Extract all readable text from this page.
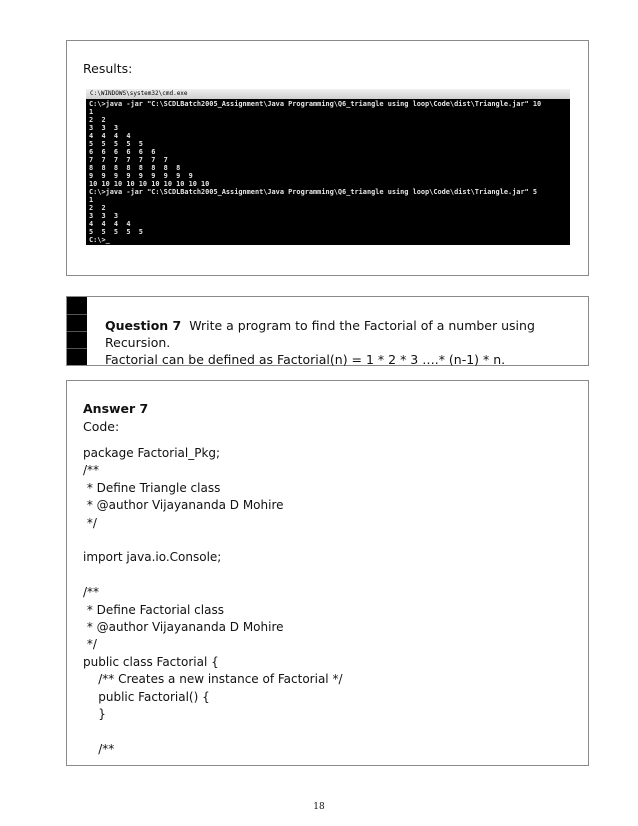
Results:
C:\WINDOWS\system32\cmd.exe
C:\>java -jar "C:\SCDLBatch2005_Assignment\Java Programming\Q6_triangle using loop\Code\dist\Triangle.jar" 10
1
2  2
3  3  3
4  4  4  4
5  5  5  5  5
6  6  6  6  6  6
7  7  7  7  7  7  7
8  8  8  8  8  8  8  8
9  9  9  9  9  9  9  9  9
10 10 10 10 10 10 10 10 10 10
C:\>java -jar "C:\SCDLBatch2005_Assignment\Java Programming\Q6_triangle using loop\Code\dist\Triangle.jar" 5
1
2  2
3  3  3
4  4  4  4
5  5  5  5  5
C:\>_
Question 7 Write a program to find the Factorial of a number using Recursion.
Factorial can be defined as Factorial(n) = 1 * 2 * 3 ….* (n-1) * n.
Answer 7
Code:
package Factorial_Pkg;
/**
* Define Triangle class
* @author Vijayananda D Mohire
*/

import java.io.Console;

/**
* Define Factorial class
* @author Vijayananda D Mohire
*/
public class Factorial {
/** Creates a new instance of Factorial */
public Factorial() {
}

/**
18
